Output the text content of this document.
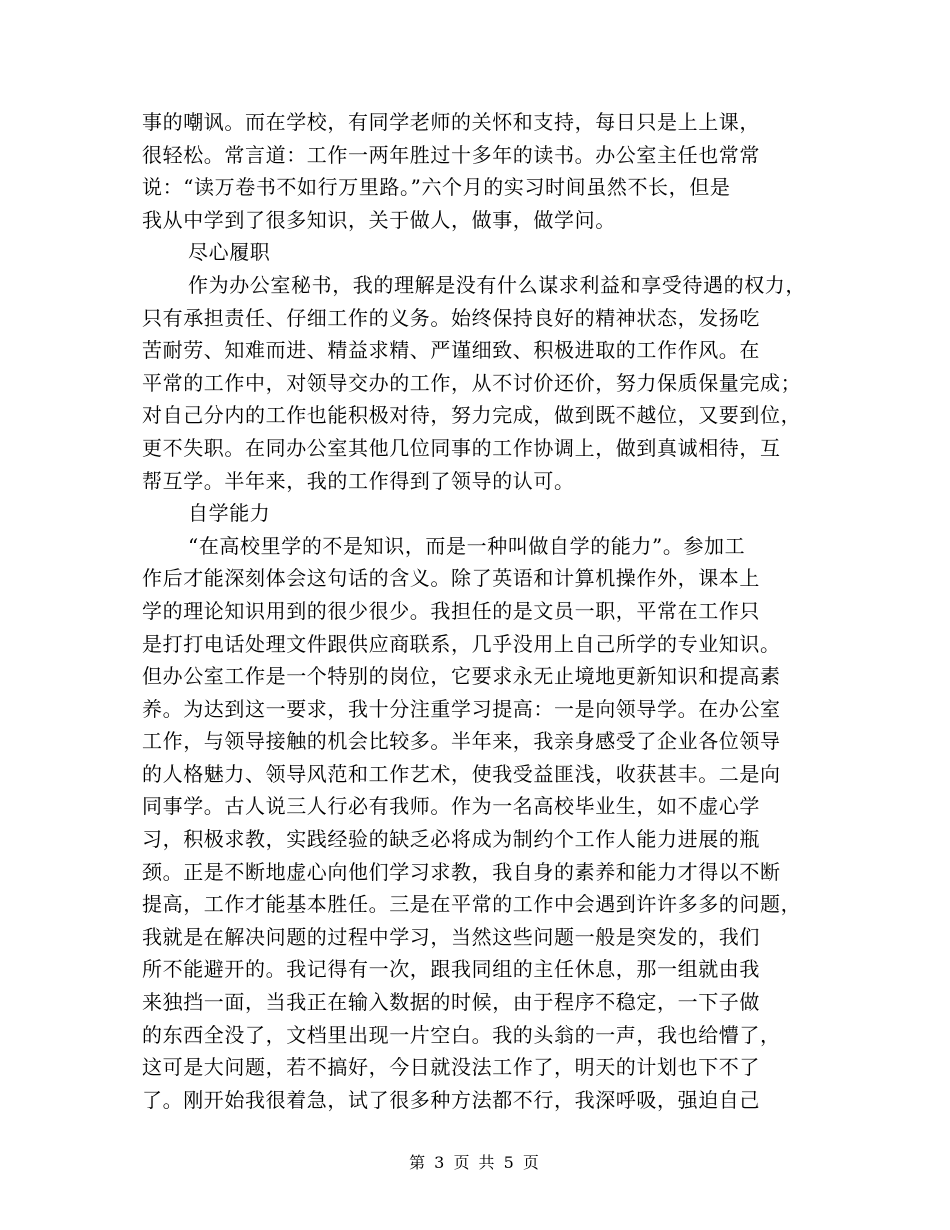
事的嘲讽。而在学校，有同学老师的关怀和支持，每日只是上上课，
很轻松。常言道：工作一两年胜过十多年的读书。办公室主任也常常
说：“读万卷书不如行万里路。”六个月的实习时间虽然不长，但是
我从中学到了很多知识，关于做人，做事，做学问。
尽心履职
作为办公室秘书，我的理解是没有什么谋求利益和享受待遇的权力，
只有承担责任、仔细工作的义务。始终保持良好的精神状态，发扬吃
苦耐劳、知难而进、精益求精、严谨细致、积极进取的工作作风。在
平常的工作中，对领导交办的工作，从不讨价还价，努力保质保量完成；
对自己分内的工作也能积极对待，努力完成，做到既不越位，又要到位，
更不失职。在同办公室其他几位同事的工作协调上，做到真诚相待，互
帮互学。半年来，我的工作得到了领导的认可。
自学能力
“在高校里学的不是知识，而是一种叫做自学的能力”。参加工
作后才能深刻体会这句话的含义。除了英语和计算机操作外，课本上
学的理论知识用到的很少很少。我担任的是文员一职，平常在工作只
是打打电话处理文件跟供应商联系，几乎没用上自己所学的专业知识。
但办公室工作是一个特别的岗位，它要求永无止境地更新知识和提高素
养。为达到这一要求，我十分注重学习提高：一是向领导学。在办公室
工作，与领导接触的机会比较多。半年来，我亲身感受了企业各位领导
的人格魅力、领导风范和工作艺术，使我受益匪浅，收获甚丰。二是向
同事学。古人说三人行必有我师。作为一名高校毕业生，如不虚心学
习，积极求教，实践经验的缺乏必将成为制约个工作人能力进展的瓶
颈。正是不断地虚心向他们学习求教，我自身的素养和能力才得以不断
提高，工作才能基本胜任。三是在平常的工作中会遇到许许多多的问题，
我就是在解决问题的过程中学习，当然这些问题一般是突发的，我们
所不能避开的。我记得有一次，跟我同组的主任休息，那一组就由我
来独挡一面，当我正在输入数据的时候，由于程序不稳定，一下子做
的东西全没了，文档里出现一片空白。我的头翁的一声，我也给懵了，
这可是大问题，若不搞好，今日就没法工作了，明天的计划也下不了
了。刚开始我很着急，试了很多种方法都不行，我深呼吸，强迫自己
第 3 页 共 5 页
